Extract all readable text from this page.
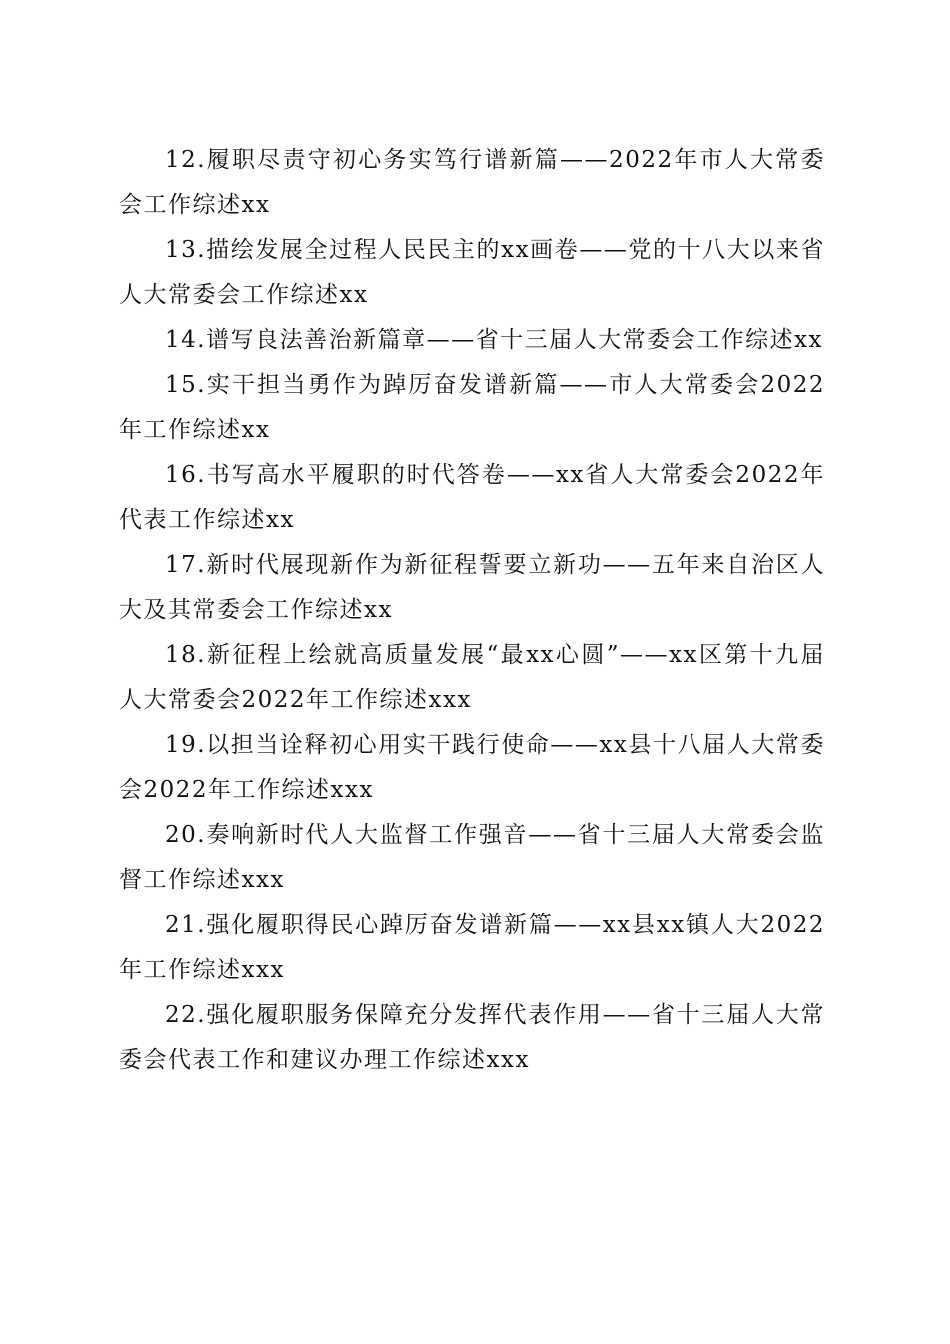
12.履职尽责守初心务实笃行谱新篇——2022年市人大常委会工作综述xx

13.描绘发展全过程人民民主的xx画卷——党的十八大以来省人大常委会工作综述xx

14.谱写良法善治新篇章——省十三届人大常委会工作综述xx

15.实干担当勇作为踔厉奋发谱新篇——市人大常委会2022年工作综述xx

16.书写高水平履职的时代答卷——xx省人大常委会2022年代表工作综述xx

17.新时代展现新作为新征程誓要立新功——五年来自治区人大及其常委会工作综述xx

18.新征程上绘就高质量发展“最xx心圆”——xx区第十九届人大常委会2022年工作综述xxx

19.以担当诠释初心用实干践行使命——xx县十八届人大常委会2022年工作综述xxx

20.奏响新时代人大监督工作强音——省十三届人大常委会监督工作综述xxx

21.强化履职得民心踔厉奋发谱新篇——xx县xx镇人大2022年工作综述xxx

22.强化履职服务保障充分发挥代表作用——省十三届人大常委会代表工作和建议办理工作综述xxx
